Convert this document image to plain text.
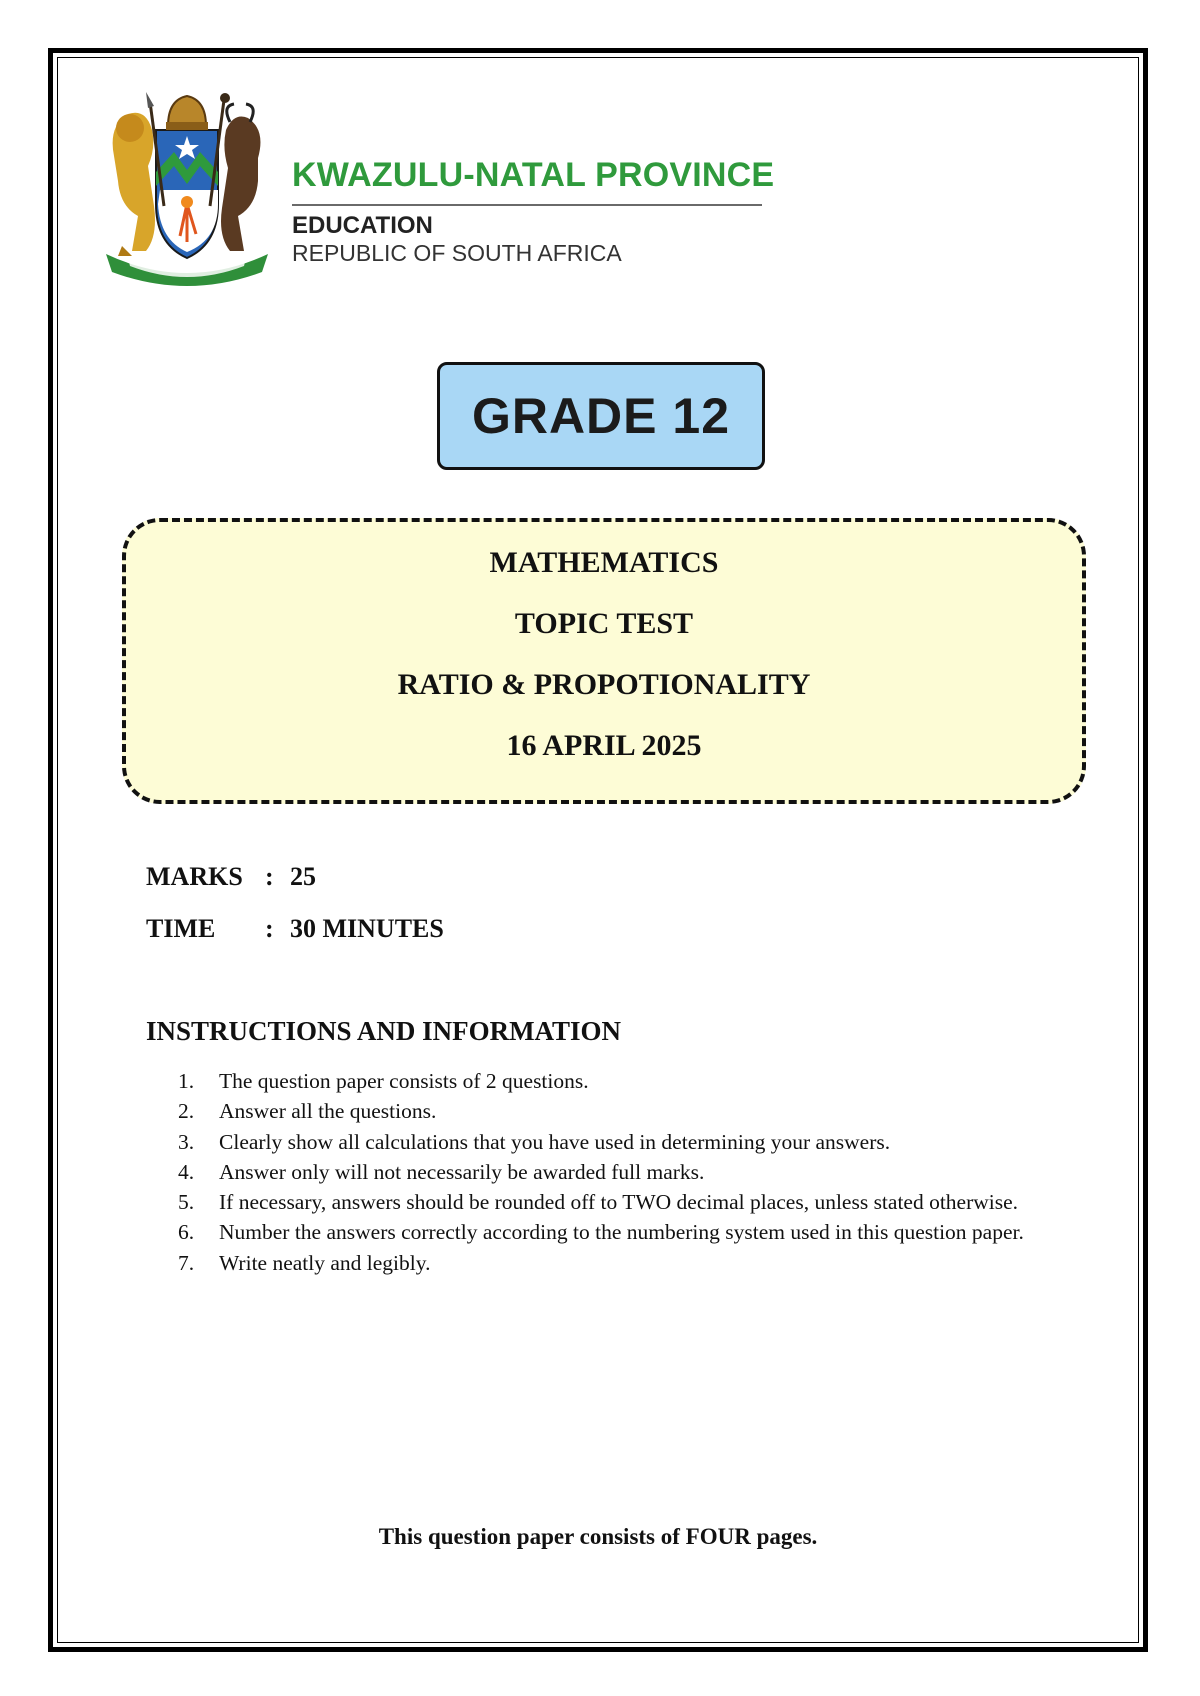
KWAZULU-NATAL PROVINCE
EDUCATION
REPUBLIC OF SOUTH AFRICA
GRADE 12
MATHEMATICS
TOPIC TEST
RATIO & PROPOTIONALITY
16 APRIL 2025
MARKS : 25
TIME : 30 MINUTES
INSTRUCTIONS AND INFORMATION
1. The question paper consists of 2 questions.
2. Answer all the questions.
3. Clearly show all calculations that you have used in determining your answers.
4. Answer only will not necessarily be awarded full marks.
5. If necessary, answers should be rounded off to TWO decimal places, unless stated otherwise.
6. Number the answers correctly according to the numbering system used in this question paper.
7. Write neatly and legibly.
This question paper consists of FOUR pages.
